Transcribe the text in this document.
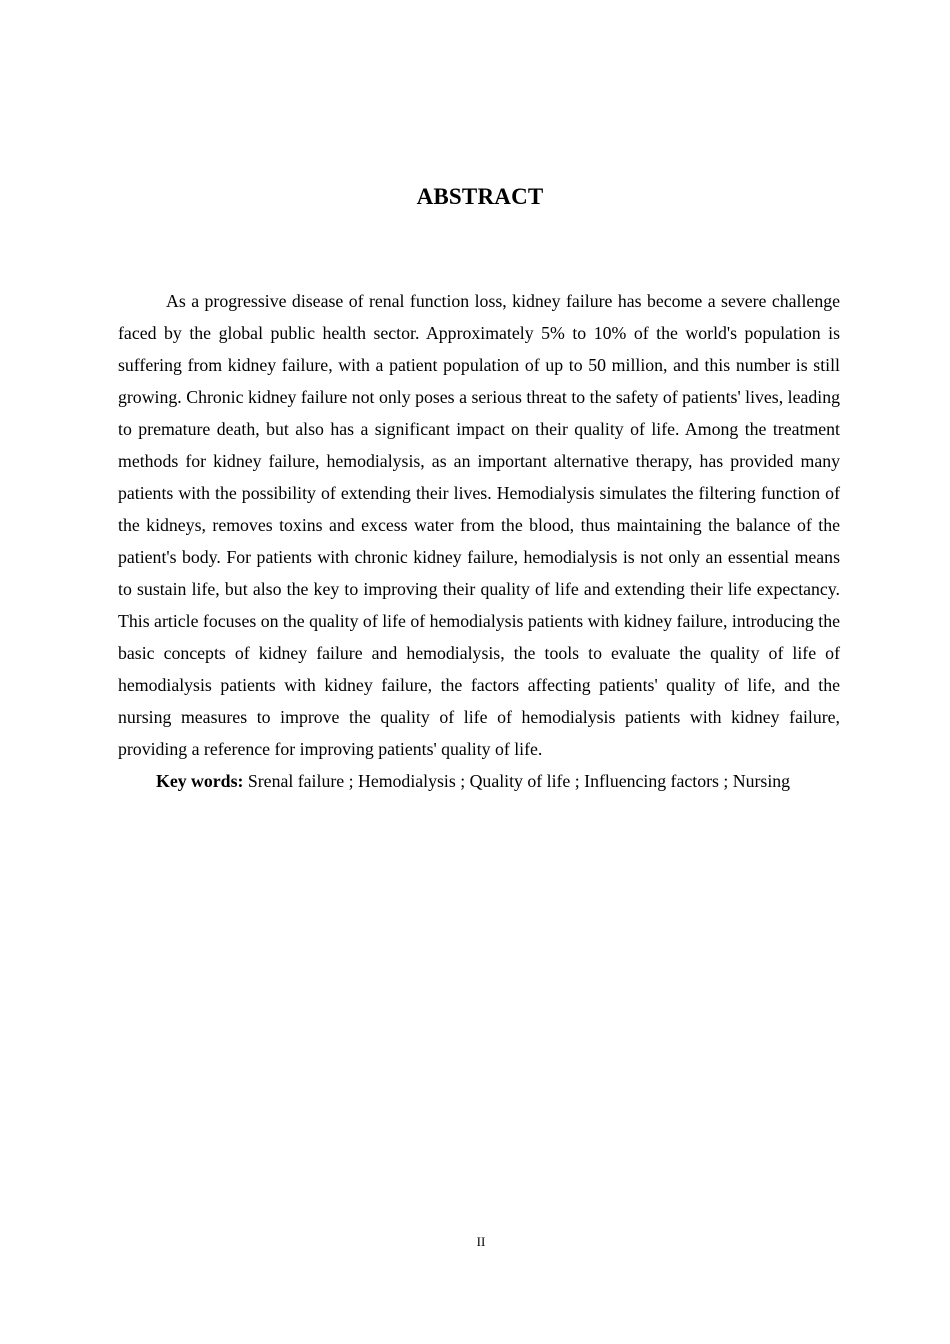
ABSTRACT

As a progressive disease of renal function loss, kidney failure has become a severe challenge faced by the global public health sector. Approximately 5% to 10% of the world's population is suffering from kidney failure, with a patient population of up to 50 million, and this number is still growing. Chronic kidney failure not only poses a serious threat to the safety of patients' lives, leading to premature death, but also has a significant impact on their quality of life. Among the treatment methods for kidney failure, hemodialysis, as an important alternative therapy, has provided many patients with the possibility of extending their lives. Hemodialysis simulates the filtering function of the kidneys, removes toxins and excess water from the blood, thus maintaining the balance of the patient's body. For patients with chronic kidney failure, hemodialysis is not only an essential means to sustain life, but also the key to improving their quality of life and extending their life expectancy. This article focuses on the quality of life of hemodialysis patients with kidney failure, introducing the basic concepts of kidney failure and hemodialysis, the tools to evaluate the quality of life of hemodialysis patients with kidney failure, the factors affecting patients' quality of life, and the nursing measures to improve the quality of life of hemodialysis patients with kidney failure, providing a reference for improving patients' quality of life.

Key words: Srenal failure ; Hemodialysis ; Quality of life ; Influencing factors ; Nursing

II
